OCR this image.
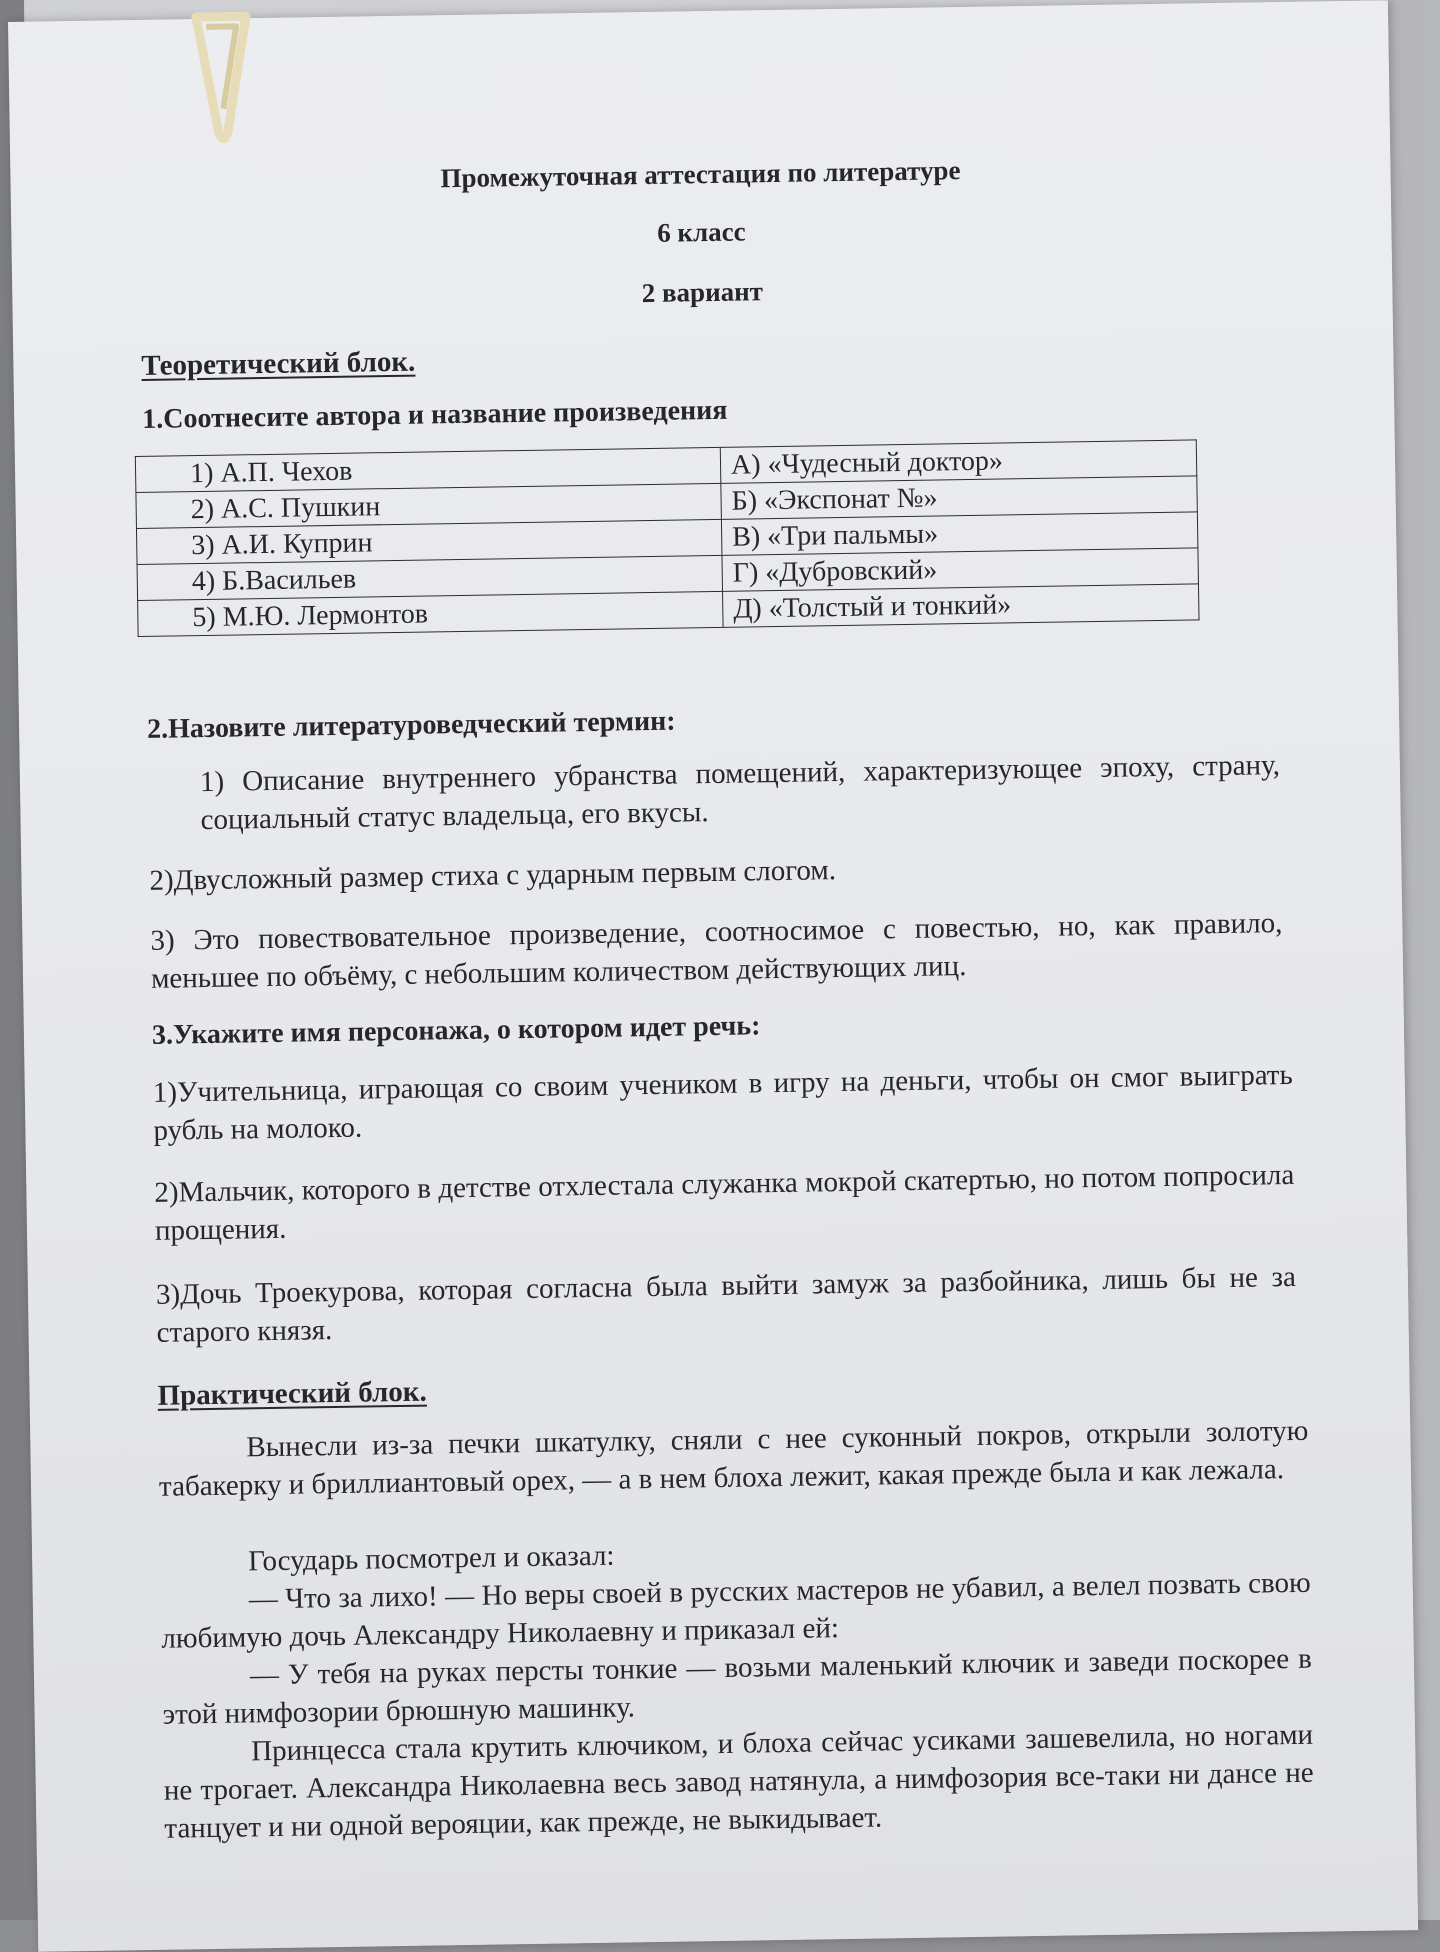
Промежуточная аттестация по литературе
6 класс
2 вариант
Теоретический блок.
1.Соотнесите автора и название произведения
1) А.П. Чехов	А) «Чудесный доктор»
2) А.С. Пушкин	Б) «Экспонат №»
3) А.И. Куприн	В) «Три пальмы»
4) Б.Васильев	Г) «Дубровский»
5) М.Ю. Лермонтов	Д) «Толстый и тонкий»
2.Назовите литературоведческий термин:
1) Описание внутреннего убранства помещений, характеризующее эпоху, страну, социальный статус владельца, его вкусы.
2)Двусложный размер стиха с ударным первым слогом.
3) Это повествовательное произведение, соотносимое с повестью, но, как правило, меньшее по объёму, с небольшим количеством действующих лиц.
3.Укажите имя персонажа, о котором идет речь:
1)Учительница, играющая со своим учеником в игру на деньги, чтобы он смог выиграть рубль на молоко.
2)Мальчик, которого в детстве отхлестала служанка мокрой скатертью, но потом попросила прощения.
3)Дочь Троекурова, которая согласна была выйти замуж за разбойника, лишь бы не за старого князя.
Практический блок.
Вынесли из-за печки шкатулку, сняли с нее суконный покров, открыли золотую табакерку и бриллиантовый орех, — а в нем блоха лежит, какая прежде была и как лежала.
Государь посмотрел и оказал:
— Что за лихо! — Но веры своей в русских мастеров не убавил, а велел позвать свою любимую дочь Александру Николаевну и приказал ей:
— У тебя на руках персты тонкие — возьми маленький ключик и заведи поскорее в этой нимфозории брюшную машинку.
Принцесса стала крутить ключиком, и блоха сейчас усиками зашевелила, но ногами не трогает. Александра Николаевна весь завод натянула, а нимфозория все-таки ни дансе не танцует и ни одной верояции, как прежде, не выкидывает.
